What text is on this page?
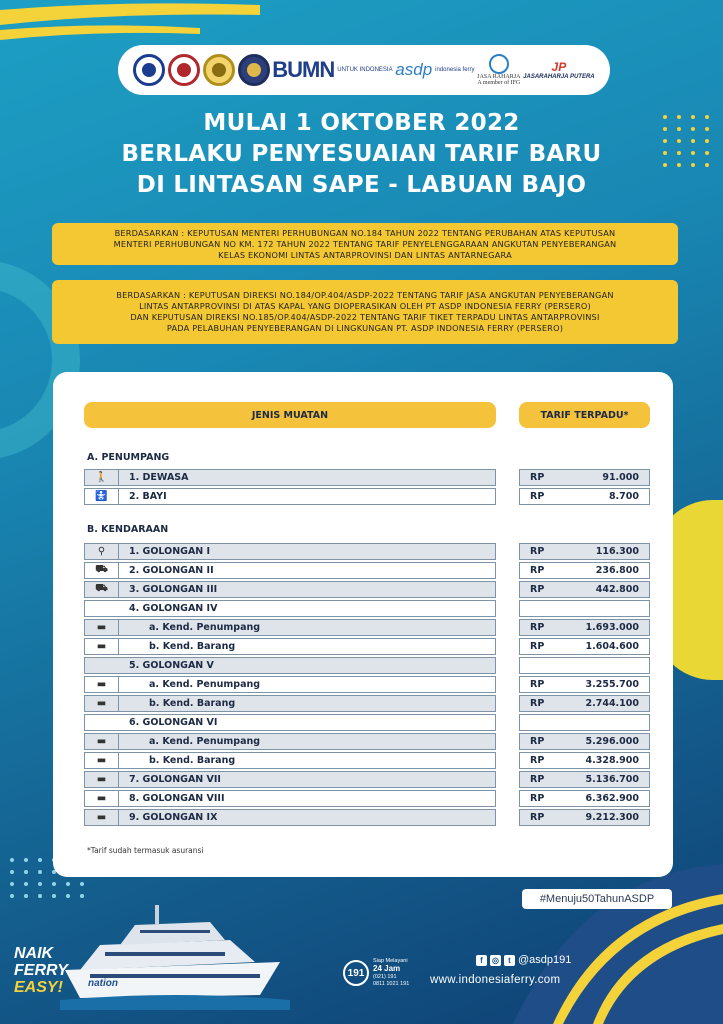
BUMN UNTUK INDONESIA asdp indonesia ferry
JASA RAHARJA
A member of IFG
JP
JASARAHARJA PUTERA
MULAI 1 OKTOBER 2022
BERLAKU PENYESUAIAN TARIF BARU
DI LINTASAN SAPE - LABUAN BAJO
BERDASARKAN : KEPUTUSAN MENTERI PERHUBUNGAN NO.184 TAHUN 2022 TENTANG PERUBAHAN ATAS KEPUTUSAN
MENTERI PERHUBUNGAN NO KM. 172 TAHUN 2022 TENTANG TARIF PENYELENGGARAAN ANGKUTAN PENYEBERANGAN
KELAS EKONOMI LINTAS ANTARPROVINSI DAN LINTAS ANTARNEGARA
BERDASARKAN : KEPUTUSAN DIREKSI NO.184/OP.404/ASDP-2022 TENTANG TARIF JASA ANGKUTAN PENYEBERANGAN
LINTAS ANTARPROVINSI DI ATAS KAPAL YANG DIOPERASIKAN OLEH PT ASDP INDONESIA FERRY (PERSERO)
DAN KEPUTUSAN DIREKSI NO.185/OP.404/ASDP-2022 TENTANG TARIF TIKET TERPADU LINTAS ANTARPROVINSI
PADA PELABUHAN PENYEBERANGAN DI LINGKUNGAN PT. ASDP INDONESIA FERRY (PERSERO)
JENIS MUATAN	TARIF TERPADU*
A. PENUMPANG
B. KENDARAAN
🚶	1. DEWASA	RP	91.000
🚼	2. BAYI	RP	8.700
⚲	1. GOLONGAN I	RP	116.300
⛟	2. GOLONGAN II	RP	236.800
⛟	3. GOLONGAN III	RP	442.800
4. GOLONGAN IV
▬	a. Kend. Penumpang	RP	1.693.000
▬	b. Kend. Barang	RP	1.604.600
5. GOLONGAN V
▬	a. Kend. Penumpang	RP	3.255.700
▬	b. Kend. Barang	RP	2.744.100
6. GOLONGAN VI
▬	a. Kend. Penumpang	RP	5.296.000
▬	b. Kend. Barang	RP	4.328.900
▬	7. GOLONGAN VII	RP	5.136.700
▬	8. GOLONGAN VIII	RP	6.362.900
▬	9. GOLONGAN IX	RP	9.212.300
*Tarif sudah termasuk asuransi
#Menuju50TahunASDP
nation
NAIK
FERRY
EASY!
191
Siap Melayani
24 Jam
(021) 191
0811 1021 191
f	◎	t @asdp191
www.indonesiaferry.com
